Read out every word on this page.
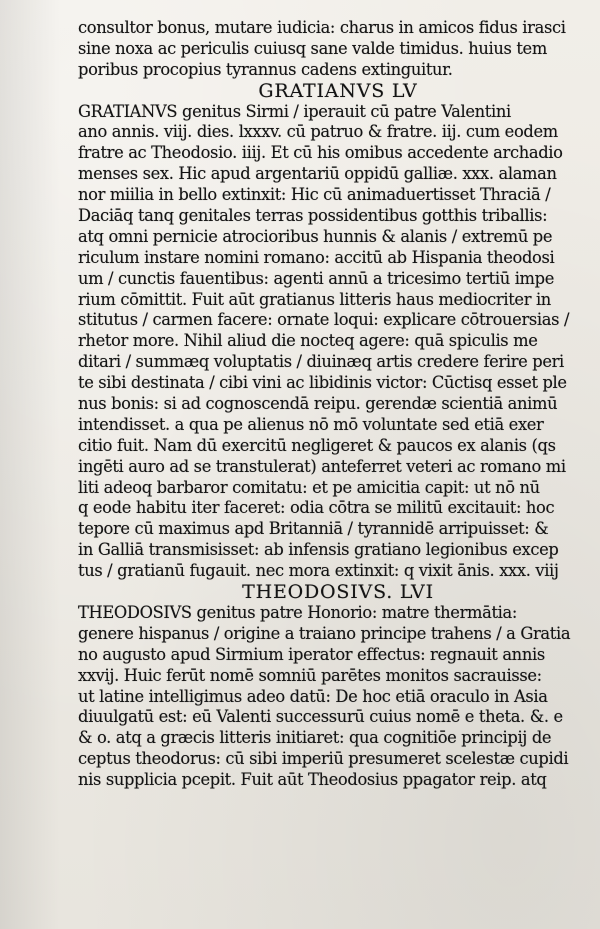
consultor bonus, mutare iudicia: charus in amicos fidus irasci
sine noxa ac periculis cuiusq sane valde timidus. huius tem
poribus procopius tyrannus cadens extinguitur.
GRATIANVS LV
GRATIANVS genitus Sirmi / iperauit cū patre Valentini
ano annis. viij. dies. lxxxv. cū patruo & fratre. iij. cum eodem
fratre ac Theodosio. iiij. Et cū his omibus accedente archadio
menses sex. Hic apud argentariū oppidū galliæ. xxx. alaman
nor miilia in bello extinxit: Hic cū animaduertisset Thraciā /
Daciāq tanq genitales terras possidentibus gotthis triballis:
atq omni pernicie atrocioribus hunnis & alanis / extremū pe
riculum instare nomini romano: accitū ab Hispania theodosi
um / cunctis fauentibus: agenti annū a tricesimo tertiū impe
rium cōmittit. Fuit aūt gratianus litteris haus mediocriter in
stitutus / carmen facere: ornate loqui: explicare cōtrouersias /
rhetor more. Nihil aliud die nocteq agere: quā spiculis me
ditari / summæq voluptatis / diuinæq artis credere ferire peri
te sibi destinata / cibi vini ac libidinis victor: Cūctisq esset ple
nus bonis: si ad cognoscendā reipu. gerendæ scientiā animū
intendisset. a qua pe alienus nō mō voluntate sed etiā exer
citio fuit. Nam dū exercitū negligeret & paucos ex alanis (qs
ingēti auro ad se transtulerat) anteferret veteri ac romano mi
liti adeoq barbaror comitatu: et pe amicitia capit: ut nō nū
q eode habitu iter faceret: odia cōtra se militū excitauit: hoc
tepore cū maximus apd Britanniā / tyrannidē arripuisset: &
in Galliā transmisisset: ab infensis gratiano legionibus excep
tus / gratianū fugauit. nec mora extinxit: q vixit ānis. xxx. viij
THEODOSIVS. LVI
THEODOSIVS genitus patre Honorio: matre thermātia:
genere hispanus / origine a traiano principe trahens / a Gratia
no augusto apud Sirmium iperator effectus: regnauit annis
xxvij. Huic ferūt nomē somniū parētes monitos sacrauisse:
ut latine intelligimus adeo datū: De hoc etiā oraculo in Asia
diuulgatū est: eū Valenti successurū cuius nomē e theta. &. e
& o. atq a græcis litteris initiaret: qua cognitiōe principij de
ceptus theodorus: cū sibi imperiū presumeret scelestæ cupidi
nis supplicia pcepit. Fuit aūt Theodosius ppagator reip. atq
